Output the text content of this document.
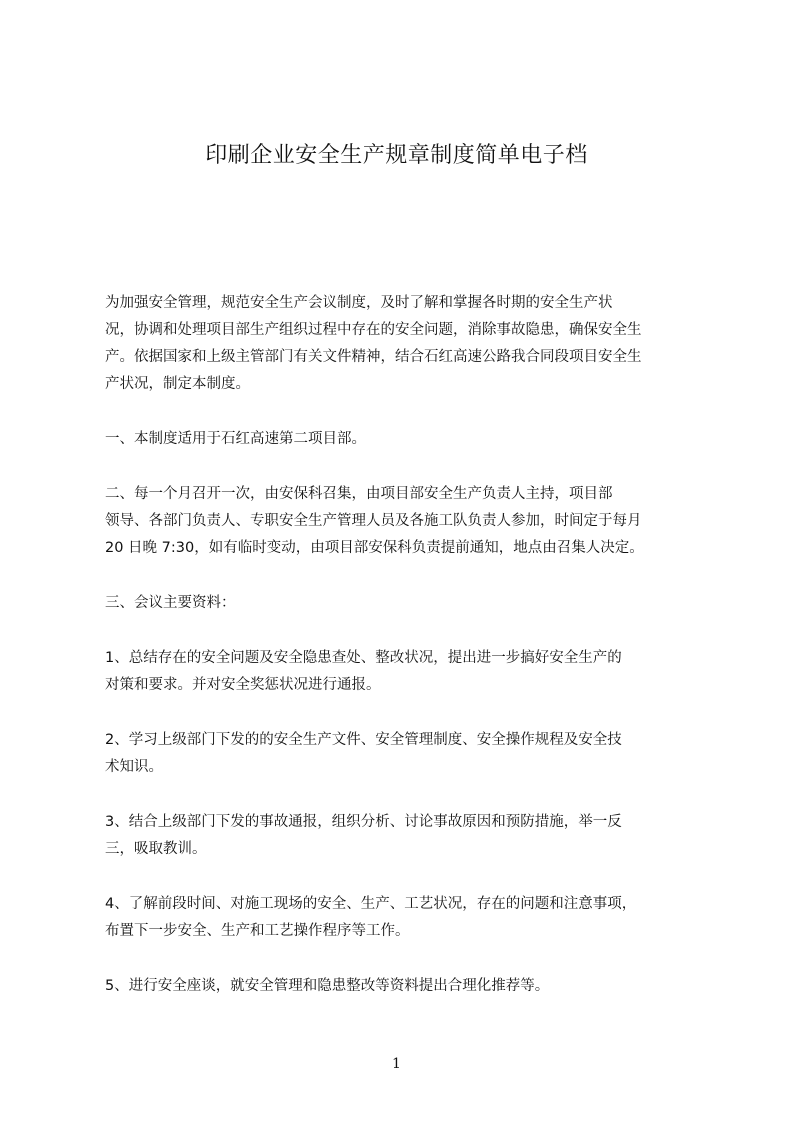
印刷企业安全生产规章制度简单电子档
为加强安全管理，规范安全生产会议制度，及时了解和掌握各时期的安全生产状
况，协调和处理项目部生产组织过程中存在的安全问题，消除事故隐患，确保安全生
产。依据国家和上级主管部门有关文件精神，结合石红高速公路我合同段项目安全生
产状况，制定本制度。
一、本制度适用于石红高速第二项目部。
二、每一个月召开一次，由安保科召集，由项目部安全生产负责人主持，项目部
领导、各部门负责人、专职安全生产管理人员及各施工队负责人参加，时间定于每月
20 日晚 7:30，如有临时变动，由项目部安保科负责提前通知，地点由召集人决定。
三、会议主要资料：
1、总结存在的安全问题及安全隐患查处、整改状况，提出进一步搞好安全生产的
对策和要求。并对安全奖惩状况进行通报。
2、学习上级部门下发的的安全生产文件、安全管理制度、安全操作规程及安全技
术知识。
3、结合上级部门下发的事故通报，组织分析、讨论事故原因和预防措施，举一反
三，吸取教训。
4、了解前段时间、对施工现场的安全、生产、工艺状况，存在的问题和注意事项，
布置下一步安全、生产和工艺操作程序等工作。
5、进行安全座谈，就安全管理和隐患整改等资料提出合理化推荐等。
1
